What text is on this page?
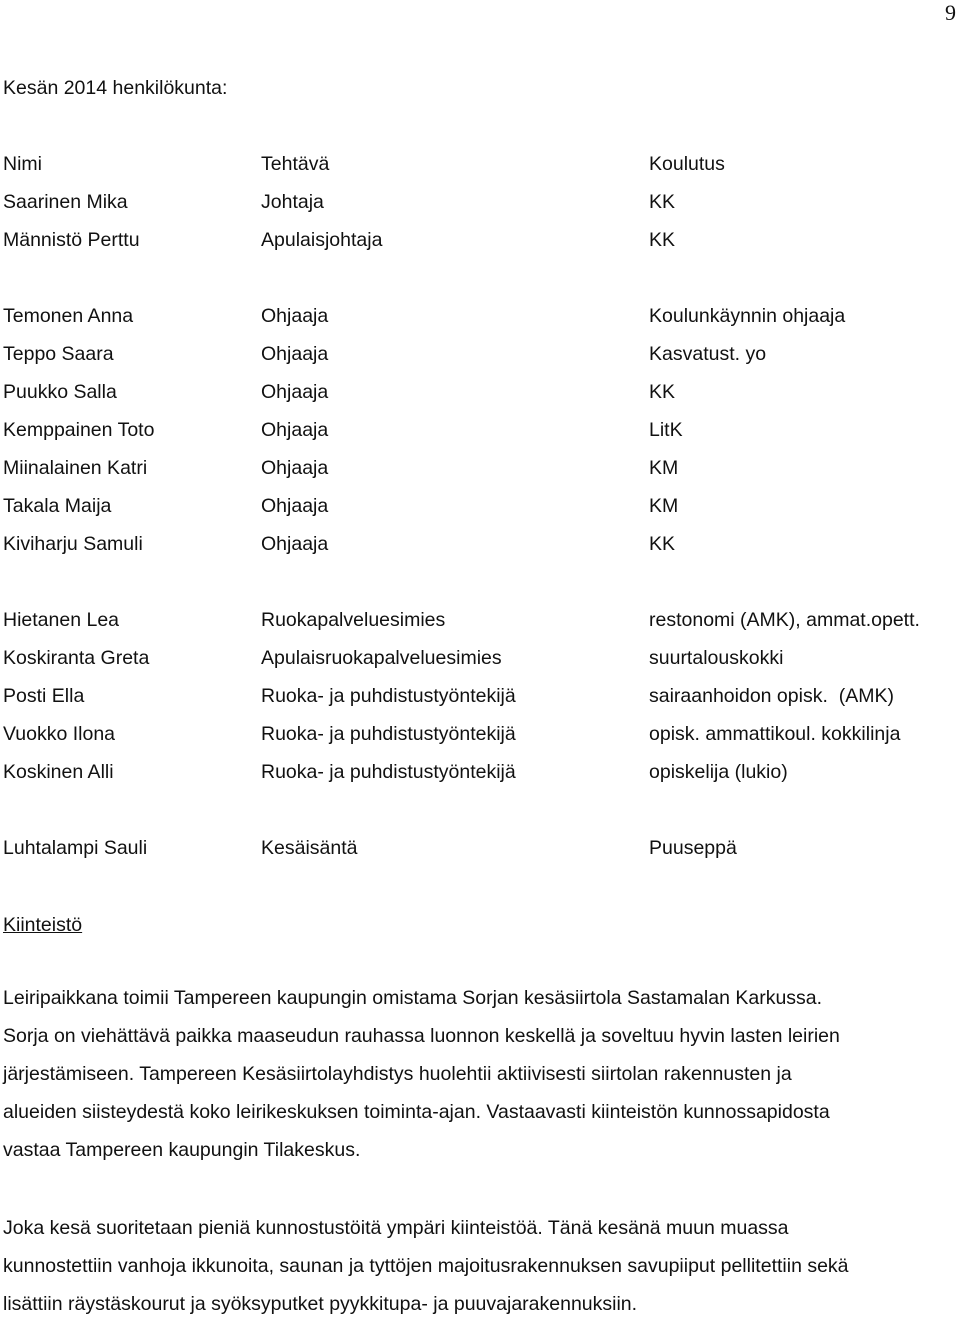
9
Kesän 2014 henkilökunta:
Nimi	Tehtävä	Koulutus
Saarinen Mika	Johtaja	KK
Männistö Perttu	Apulaisjohtaja	KK
Temonen Anna	Ohjaaja	Koulunkäynnin ohjaaja
Teppo Saara	Ohjaaja	Kasvatust. yo
Puukko Salla	Ohjaaja	KK
Kemppainen Toto	Ohjaaja	LitK
Miinalainen Katri	Ohjaaja	KM
Takala Maija	Ohjaaja	KM
Kiviharju Samuli	Ohjaaja	KK
Hietanen Lea	Ruokapalveluesimies	restonomi (AMK), ammat.opett.
Koskiranta Greta	Apulaisruokapalveluesimies	suurtalouskokki
Posti Ella	Ruoka- ja puhdistustyöntekijä	sairaanhoidon opisk.  (AMK)
Vuokko Ilona	Ruoka- ja puhdistustyöntekijä	opisk. ammattikoul. kokkilinja
Koskinen Alli	Ruoka- ja puhdistustyöntekijä	opiskelija (lukio)
Luhtalampi Sauli	Kesäisäntä	Puuseppä
Kiinteistö
Leiripaikkana toimii Tampereen kaupungin omistama Sorjan kesäsiirtola Sastamalan Karkussa.
Sorja on viehättävä paikka maaseudun rauhassa luonnon keskellä ja soveltuu hyvin lasten leirien
järjestämiseen. Tampereen Kesäsiirtolayhdistys huolehtii aktiivisesti siirtolan rakennusten ja
alueiden siisteydestä koko leirikeskuksen toiminta-ajan. Vastaavasti kiinteistön kunnossapidosta
vastaa Tampereen kaupungin Tilakeskus.
Joka kesä suoritetaan pieniä kunnostustöitä ympäri kiinteistöä. Tänä kesänä muun muassa
kunnostettiin vanhoja ikkunoita, saunan ja tyttöjen majoitusrakennuksen savupiiput pellitettiin sekä
lisättiin räystäskourut ja syöksyputket pyykkitupa- ja puuvajarakennuksiin.
